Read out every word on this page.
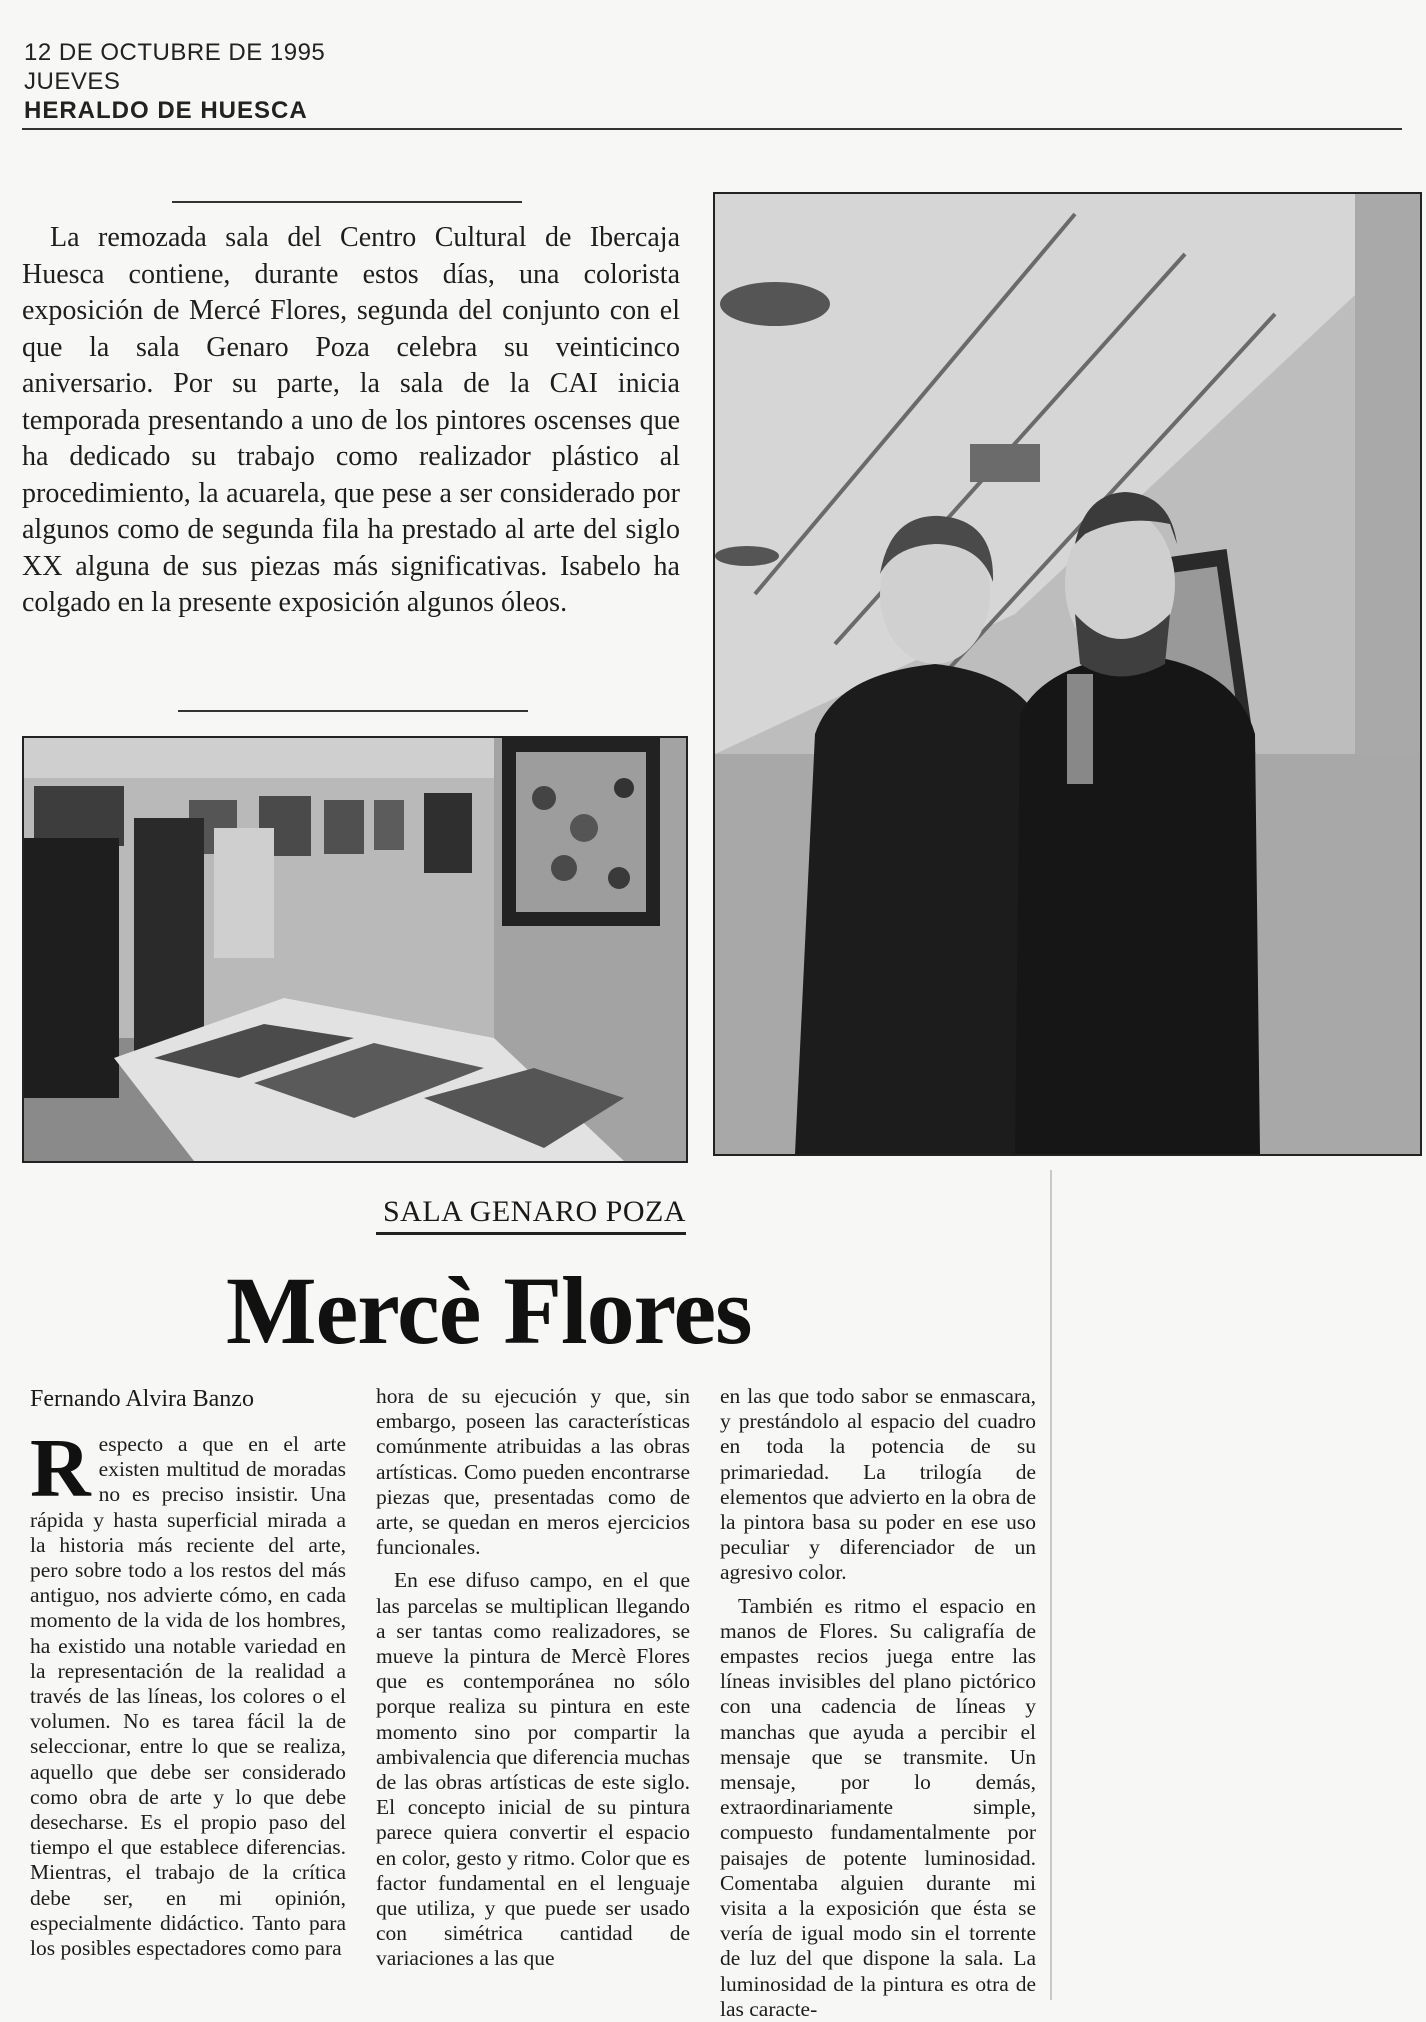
12 DE OCTUBRE DE 1995
JUEVES
HERALDO DE HUESCA

La remozada sala del Centro Cultural de Ibercaja Huesca contiene, durante estos días, una colorista exposición de Mercé Flores, segunda del conjunto con el que la sala Genaro Poza celebra su veinticinco aniversario. Por su parte, la sala de la CAI inicia temporada presentando a uno de los pintores oscenses que ha dedicado su trabajo como realizador plástico al procedimiento, la acuarela, que pese a ser considerado por algunos como de segunda fila ha prestado al arte del siglo XX alguna de sus piezas más significativas. Isabelo ha colgado en la presente exposición algunos óleos.

SALA GENARO POZA
Mercè Flores
Fernando Alvira Banzo

R especto a que en el arte existen multitud de moradas no es preciso insistir. Una rápida y hasta superficial mirada a la historia más reciente del arte, pero sobre todo a los restos del más antiguo, nos advierte cómo, en cada momento de la vida de los hombres, ha existido una notable variedad en la representación de la realidad a través de las líneas, los colores o el volumen. No es tarea fácil la de seleccionar, entre lo que se realiza, aquello que debe ser considerado como obra de arte y lo que debe desecharse. Es el propio paso del tiempo el que establece diferencias. Mientras, el trabajo de la crítica debe ser, en mi opinión, especialmente didáctico. Tanto para los posibles espectadores como para

hora de su ejecución y que, sin embargo, poseen las características comúnmente atribuidas a las obras artísticas. Como pueden encontrarse piezas que, presentadas como de arte, se quedan en meros ejercicios funcionales.

En ese difuso campo, en el que las parcelas se multiplican llegando a ser tantas como realizadores, se mueve la pintura de Mercè Flores que es contemporánea no sólo porque realiza su pintura en este momento sino por compartir la ambivalencia que diferencia muchas de las obras artísticas de este siglo. El concepto inicial de su pintura parece quiera convertir el espacio en color, gesto y ritmo. Color que es factor fundamental en el lenguaje que utiliza, y que puede ser usado con simétrica cantidad de variaciones a las que

en las que todo sabor se enmascara, y prestándolo al espacio del cuadro en toda la potencia de su primariedad. La trilogía de elementos que advierto en la obra de la pintora basa su poder en ese uso peculiar y diferenciador de un agresivo color.

También es ritmo el espacio en manos de Flores. Su caligrafía de empastes recios juega entre las líneas invisibles del plano pictórico con una cadencia de líneas y manchas que ayuda a percibir el mensaje que se transmite. Un mensaje, por lo demás, extraordinariamente simple, compuesto fundamentalmente por paisajes de potente luminosidad. Comentaba alguien durante mi visita a la exposición que ésta se vería de igual modo sin el torrente de luz del que dispone la sala. La luminosidad de la pintura es otra de las caracte-
